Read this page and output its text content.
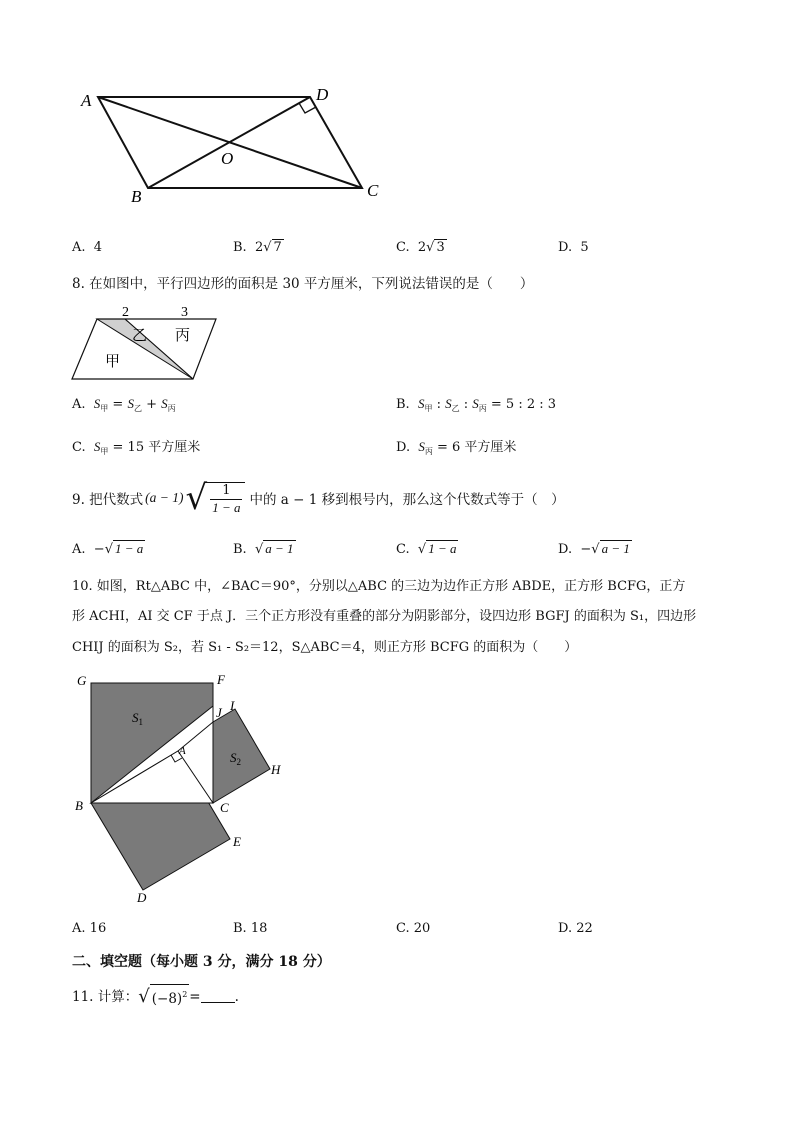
A	D
O
B	C
A. 4	B. 2√ 7	C. 2√ 3	D. 5
8. 在如图中，平行四边形的面积是 30 平方厘米，下列说法错误的是（　　）
2	3
乙 丙
甲
A. $S_甲 = S_乙 + S_丙$	B. $S_甲$ : $S_乙$ : $S_丙 = 5$ : 2 : 3
C. $S_甲 = 15$ 平方厘米	D. $S_丙 = 6$ 平方厘米
9. 把代数式 (a − 1) √ $\frac{1}{1 - a}$ 中的 a − 1 移到根号内，那么这个代数式等于（　）
A. −√ 1 − a	B. √ a − 1	C. √ 1 − a	D. −√ a − 1
10. 如图，Rt△ABC 中，∠BAC＝90°，分别以△ABC 的三边为边作正方形 ABDE，正方形 BCFG，正方
形 ACHI，AI 交 CF 于点 J．三个正方形没有重叠的部分为阴影部分，设四边形 BGFJ 的面积为 S₁，四边形
CHIJ 的面积为 S₂，若 S₁ - S₂＝12，S△ABC＝4，则正方形 BCFG 的面积为（　　）
G	F
J I
$S_1$
A	$S_2$ H
B	C
E
D
A. 16	B. 18	C. 20	D. 22
二、填空题（每小题 3 分，满分 18 分）
11. 计算： √ $(-8)^2$ =	.
